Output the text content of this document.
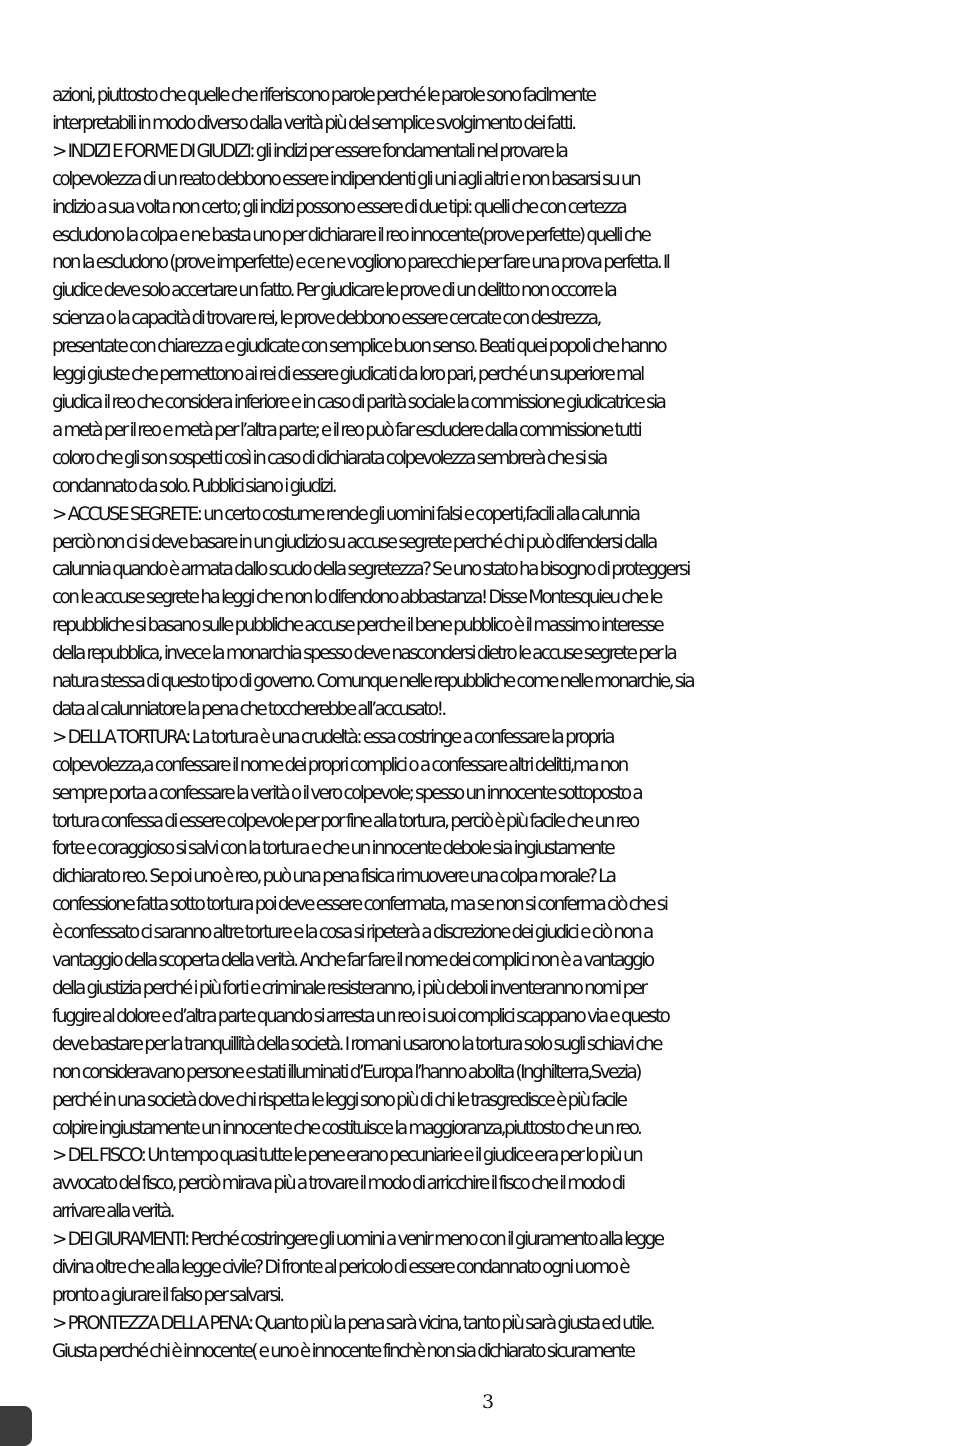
azioni, piuttosto che quelle che riferiscono parole perché le parole sono facilmente
interpretabili in modo diverso dalla verità più del semplice svolgimento dei fatti.
> INDIZI E FORME DI GIUDIZI: gli indizi per essere fondamentali nel provare la
colpevolezza di un reato debbono essere indipendenti gli uni agli altri e non basarsi su un
indizio a sua volta non certo; gli indizi possono essere di due tipi: quelli che con certezza
escludono la colpa e ne basta uno per dichiarare il reo innocente(prove perfette) quelli che
non la escludono (prove imperfette) e ce ne vogliono parecchie per fare una prova perfetta. Il
giudice deve solo accertare un fatto. Per giudicare le prove di un delitto non occorre la
scienza o la capacità di trovare rei, le prove debbono essere cercate con destrezza,
presentate con chiarezza e giudicate con semplice buon senso. Beati quei popoli che hanno
leggi giuste che permettono ai rei di essere giudicati da loro pari, perché un superiore mal
giudica il reo che considera inferiore e in caso di parità sociale la commissione giudicatrice sia
a metà per il reo e metà per l’altra parte; e il reo può far escludere dalla commissione tutti
coloro che gli son sospetti così in caso di dichiarata colpevolezza sembrerà che si sia
condannato da solo. Pubblici siano i giudizi.
> ACCUSE SEGRETE: un certo costume rende gli uomini falsi e coperti,facili alla calunnia
perciò non ci si deve basare in un giudizio su accuse segrete perché chi può difendersi dalla
calunnia quando è armata dallo scudo della segretezza? Se uno stato ha bisogno di proteggersi
con le accuse segrete ha leggi che non lo difendono abbastanza! Disse Montesquieu che le
repubbliche si basano sulle pubbliche accuse perche il bene pubblico è il massimo interesse
della repubblica, invece la monarchia spesso deve nascondersi dietro le accuse segrete per la
natura stessa di questo tipo di governo. Comunque nelle repubbliche come nelle monarchie, sia
data al calunniatore la pena che toccherebbe all’accusato!.
> DELLA TORTURA: La tortura è una crudeltà: essa costringe a confessare la propria
colpevolezza,a confessare il nome dei propri complici o a confessare altri delitti,ma non
sempre porta a confessare la verità o il vero colpevole; spesso un innocente sottoposto a
tortura confessa di essere colpevole per por fine alla tortura, perciò è più facile che un reo
forte e coraggioso si salvi con la tortura e che un innocente debole sia ingiustamente
dichiarato reo. Se poi uno è reo, può una pena fisica rimuovere una colpa morale? La
confessione fatta sotto tortura poi deve essere confermata, ma se non si conferma ciò che si
è confessato ci saranno altre torture e la cosa si ripeterà a discrezione dei giudici e ciò non a
vantaggio della scoperta della verità. Anche far fare il nome dei complici non è a vantaggio
della giustizia perché i più forti e criminale resisteranno, i più deboli inventeranno nomi per
fuggire al dolore e d’altra parte quando si arresta un reo i suoi complici scappano via e questo
deve bastare per la tranquillità della società. I romani usarono la tortura solo sugli schiavi che
non consideravano persone e stati illuminati d’Europa l’hanno abolita (Inghilterra,Svezia)
perché in una società dove chi rispetta le leggi sono più di chi le trasgredisce è più facile
colpire ingiustamente un innocente che costituisce la maggioranza,piuttosto che un reo.
> DEL FISCO: Un tempo quasi tutte le pene erano pecuniarie e il giudice era per lo più un
avvocato del fisco, perciò mirava più a trovare il modo di arricchire il fisco che il modo di
arrivare alla verità.
> DEI GIURAMENTI: Perché costringere gli uomini a venir meno con il giuramento alla legge
divina oltre che alla legge civile? Di fronte al pericolo di essere condannato ogni uomo è
pronto a giurare il falso per salvarsi.
> PRONTEZZA DELLA PENA: Quanto più la pena sarà vicina, tanto più sarà giusta ed utile.
Giusta perché chi è innocente( e uno è innocente finchè non sia dichiarato sicuramente
3
